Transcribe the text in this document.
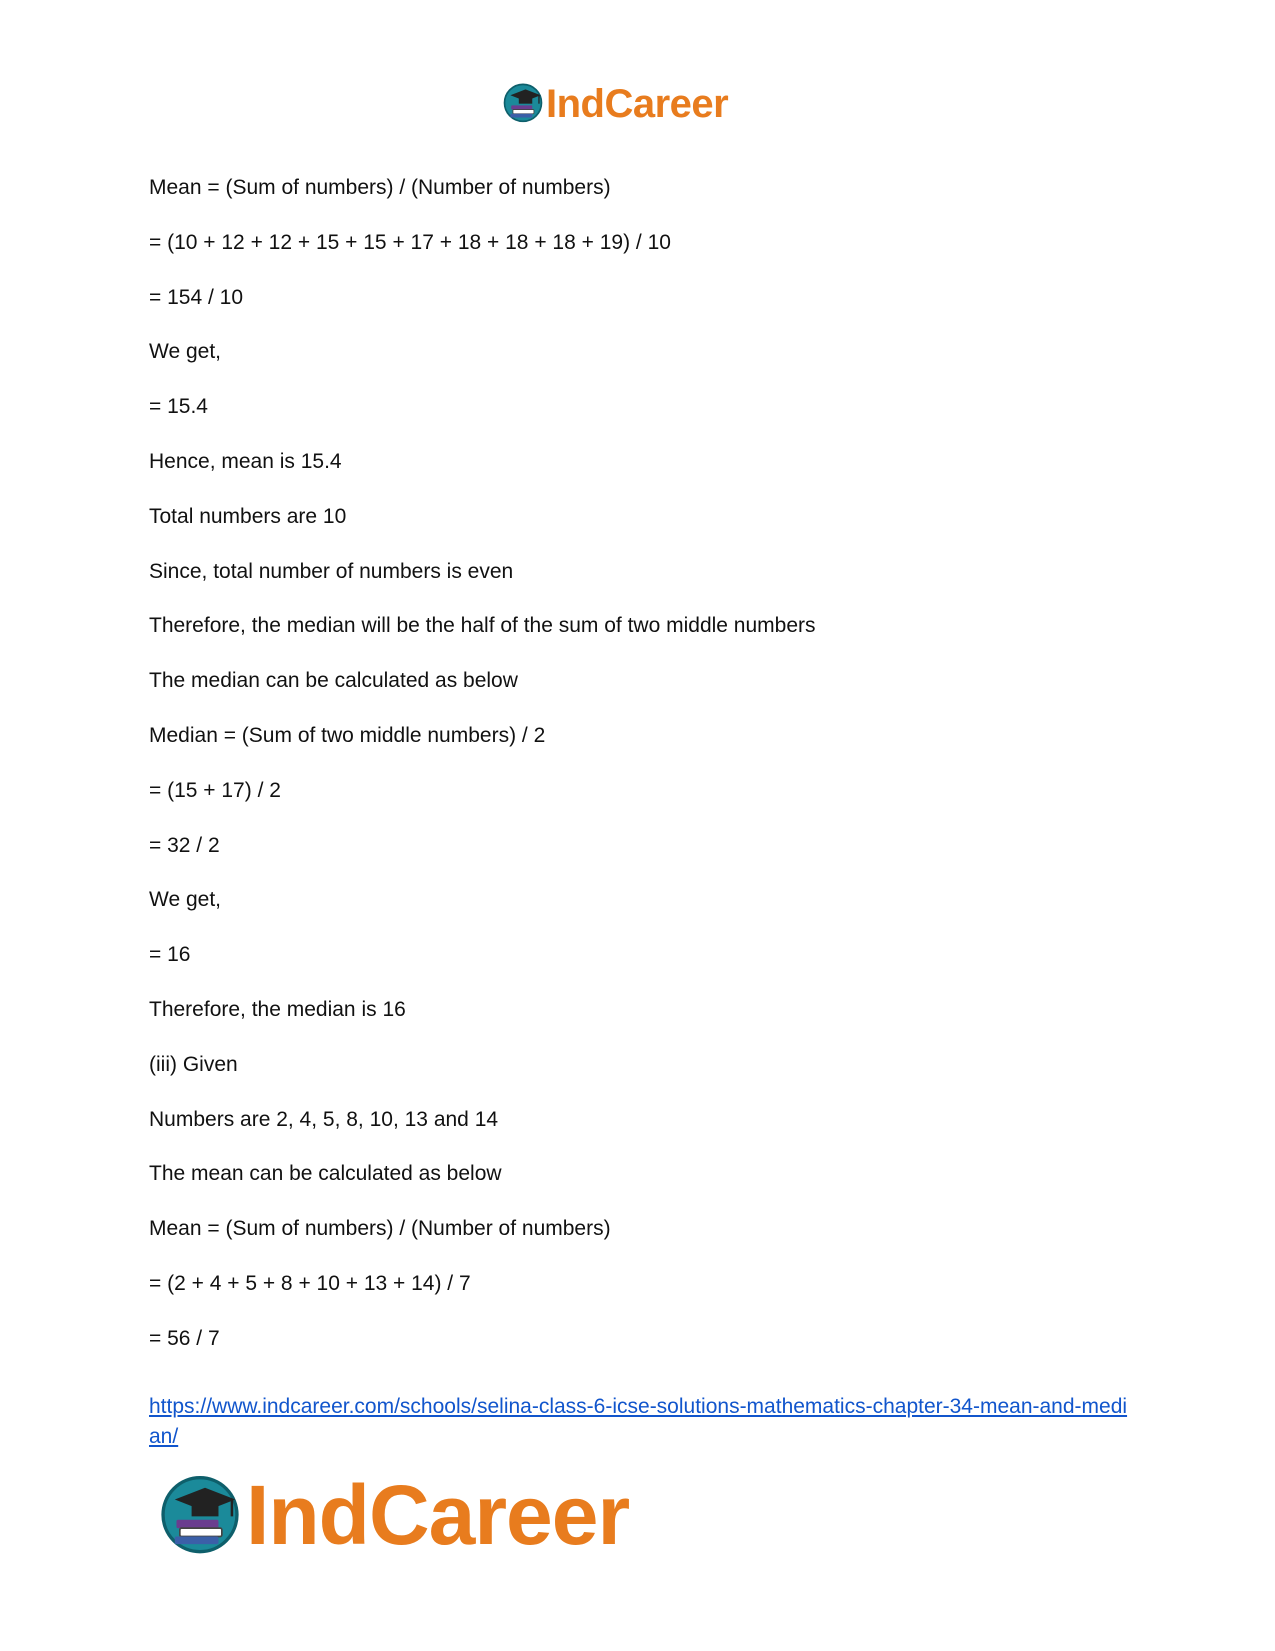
IndCareer
Mean = (Sum of numbers) / (Number of numbers)
= (10 + 12 + 12 + 15 + 15 + 17 + 18 + 18 + 18 + 19) / 10
= 154 / 10
We get,
= 15.4
Hence, mean is 15.4
Total numbers are 10
Since, total number of numbers is even
Therefore, the median will be the half of the sum of two middle numbers
The median can be calculated as below
Median = (Sum of two middle numbers) / 2
= (15 + 17) / 2
= 32 / 2
We get,
= 16
Therefore, the median is 16
(iii) Given
Numbers are 2, 4, 5, 8, 10, 13 and 14
The mean can be calculated as below
Mean = (Sum of numbers) / (Number of numbers)
= (2 + 4 + 5 + 8 + 10 + 13 + 14) / 7
= 56 / 7
https://www.indcareer.com/schools/selina-class-6-icse-solutions-mathematics-chapter-34-mean-and-median/
IndCareer
